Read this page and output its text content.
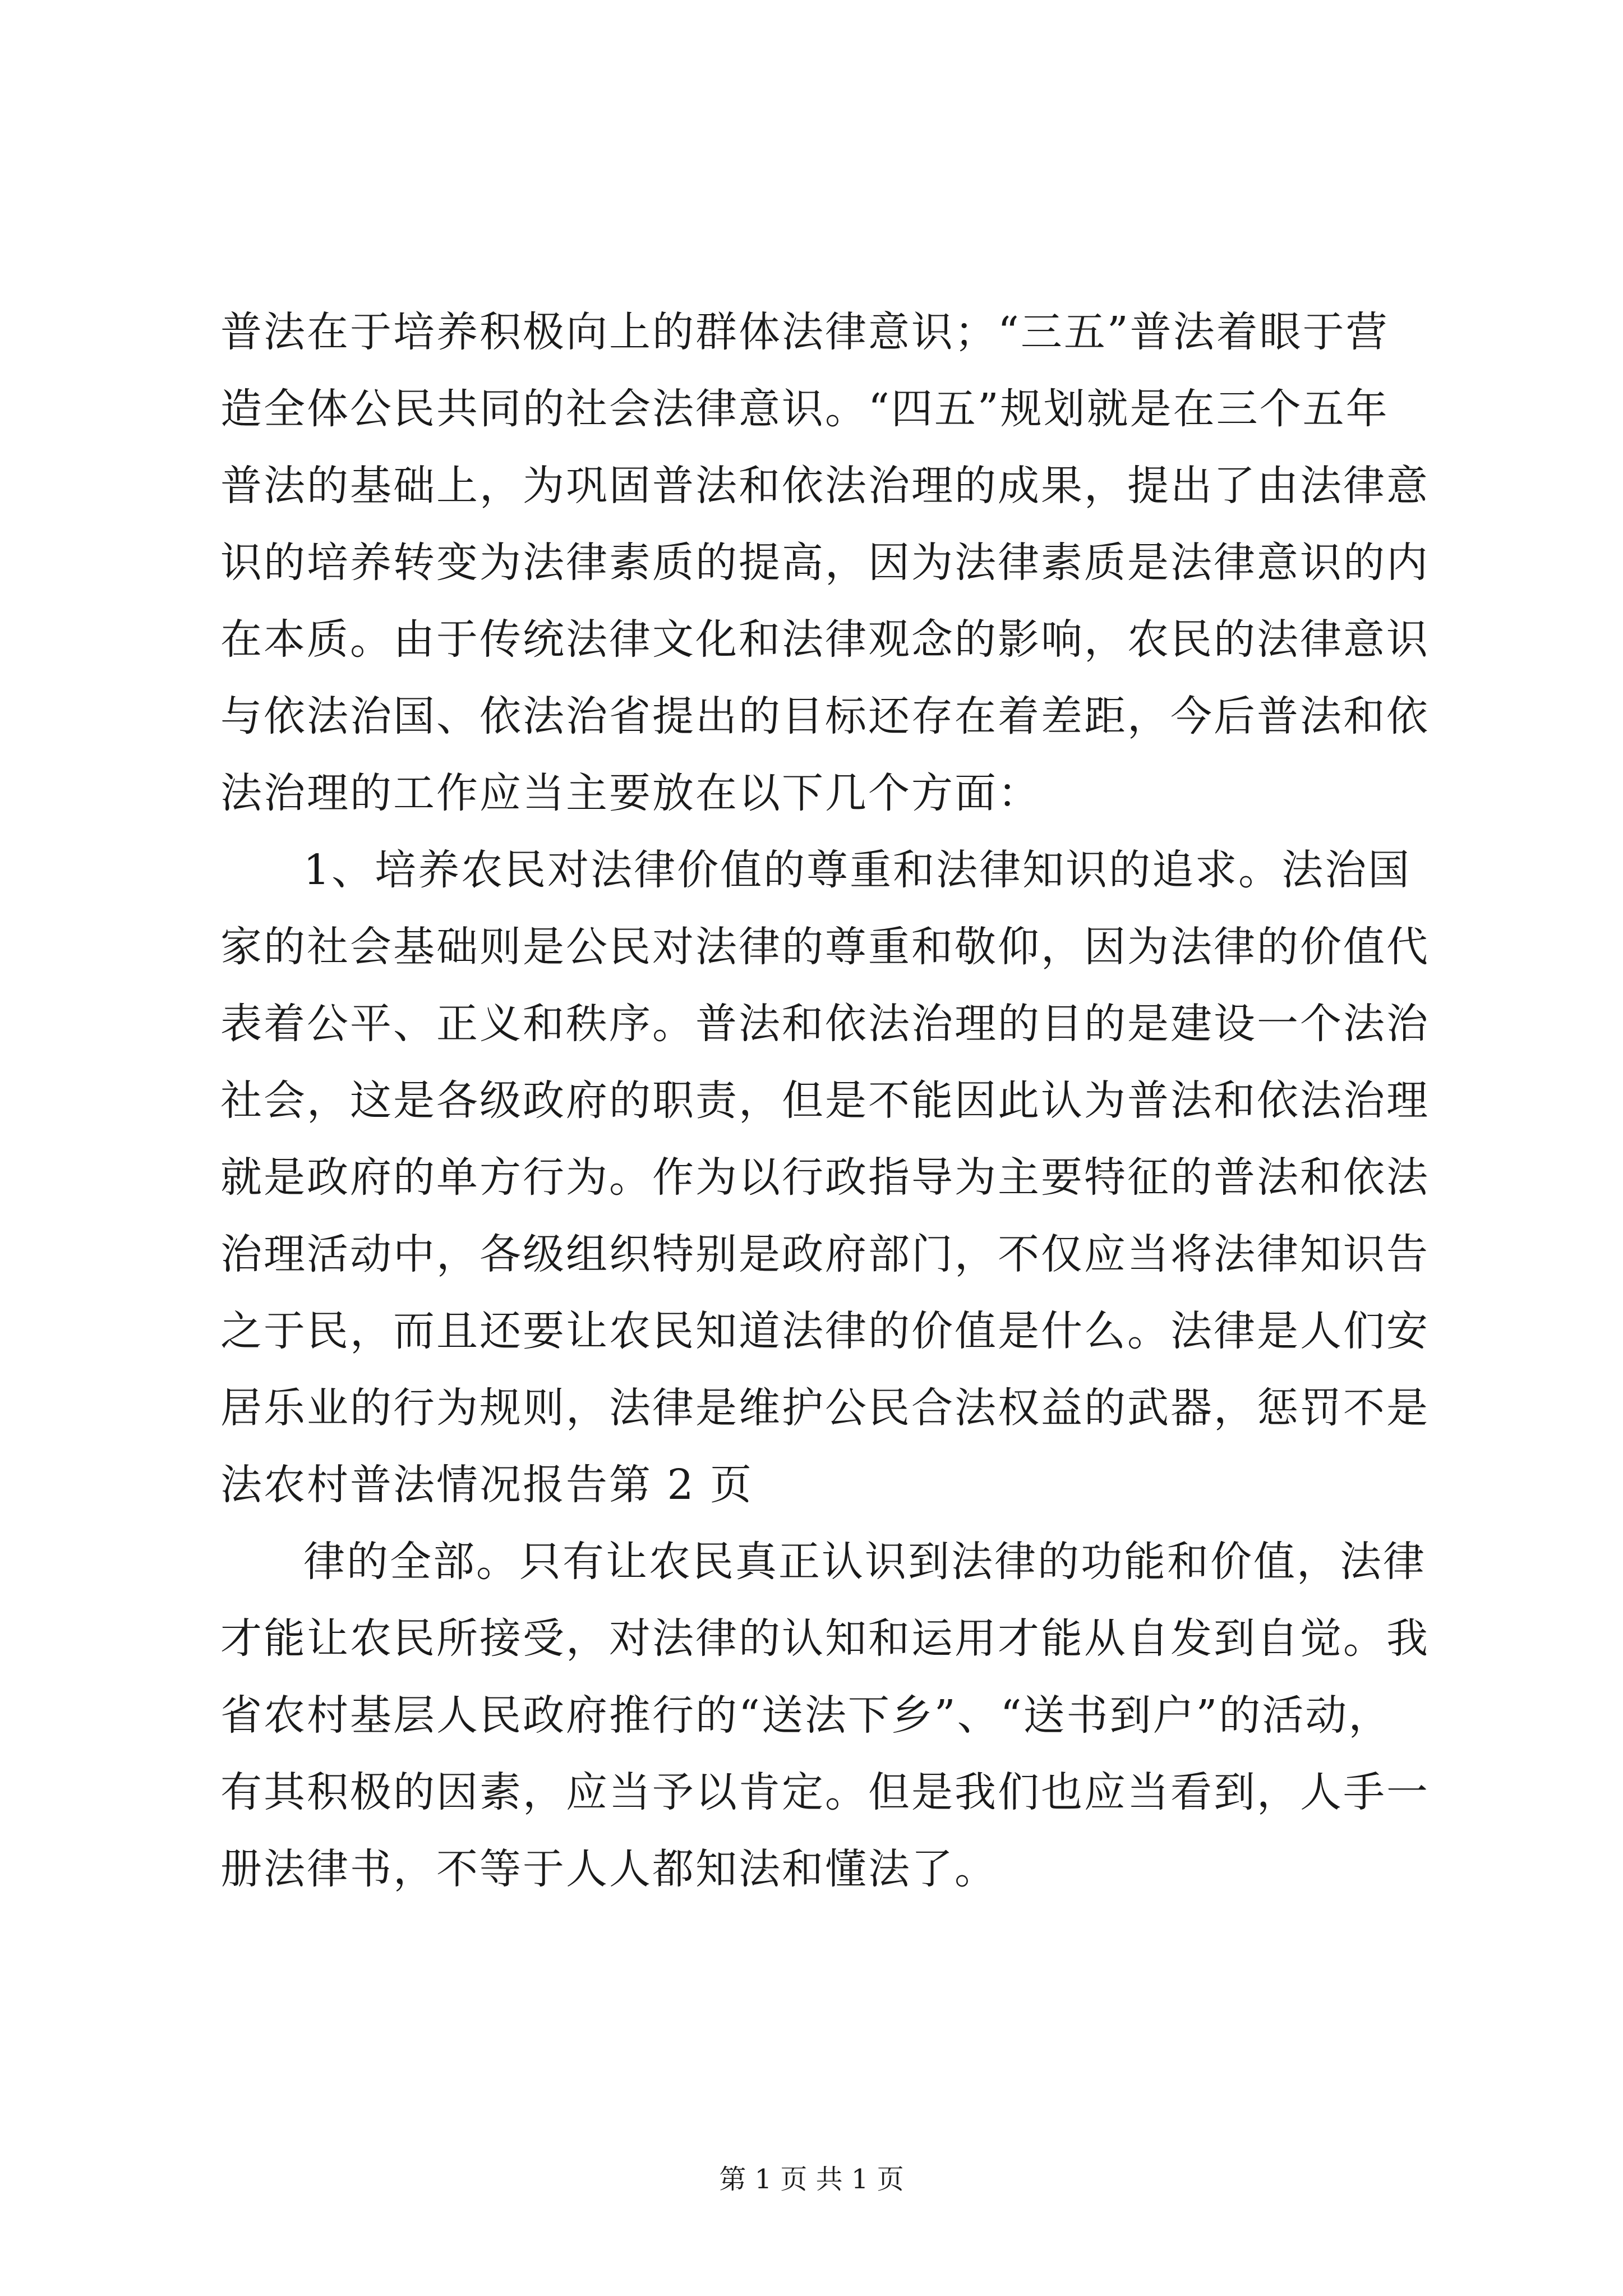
普法在于培养积极向上的群体法律意识；“三五”普法着眼于营
造全体公民共同的社会法律意识。“四五”规划就是在三个五年
普法的基础上，为巩固普法和依法治理的成果，提出了由法律意
识的培养转变为法律素质的提高，因为法律素质是法律意识的内
在本质。由于传统法律文化和法律观念的影响，农民的法律意识
与依法治国、依法治省提出的目标还存在着差距，今后普法和依
法治理的工作应当主要放在以下几个方面：
1、培养农民对法律价值的尊重和法律知识的追求。法治国
家的社会基础则是公民对法律的尊重和敬仰，因为法律的价值代
表着公平、正义和秩序。普法和依法治理的目的是建设一个法治
社会，这是各级政府的职责，但是不能因此认为普法和依法治理
就是政府的单方行为。作为以行政指导为主要特征的普法和依法
治理活动中，各级组织特别是政府部门，不仅应当将法律知识告
之于民，而且还要让农民知道法律的价值是什么。法律是人们安
居乐业的行为规则，法律是维护公民合法权益的武器，惩罚不是
法农村普法情况报告第 2 页
律的全部。只有让农民真正认识到法律的功能和价值，法律
才能让农民所接受，对法律的认知和运用才能从自发到自觉。我
省农村基层人民政府推行的“送法下乡”、“送书到户”的活动，
有其积极的因素，应当予以肯定。但是我们也应当看到，人手一
册法律书，不等于人人都知法和懂法了。
第 1 页 共 1 页
